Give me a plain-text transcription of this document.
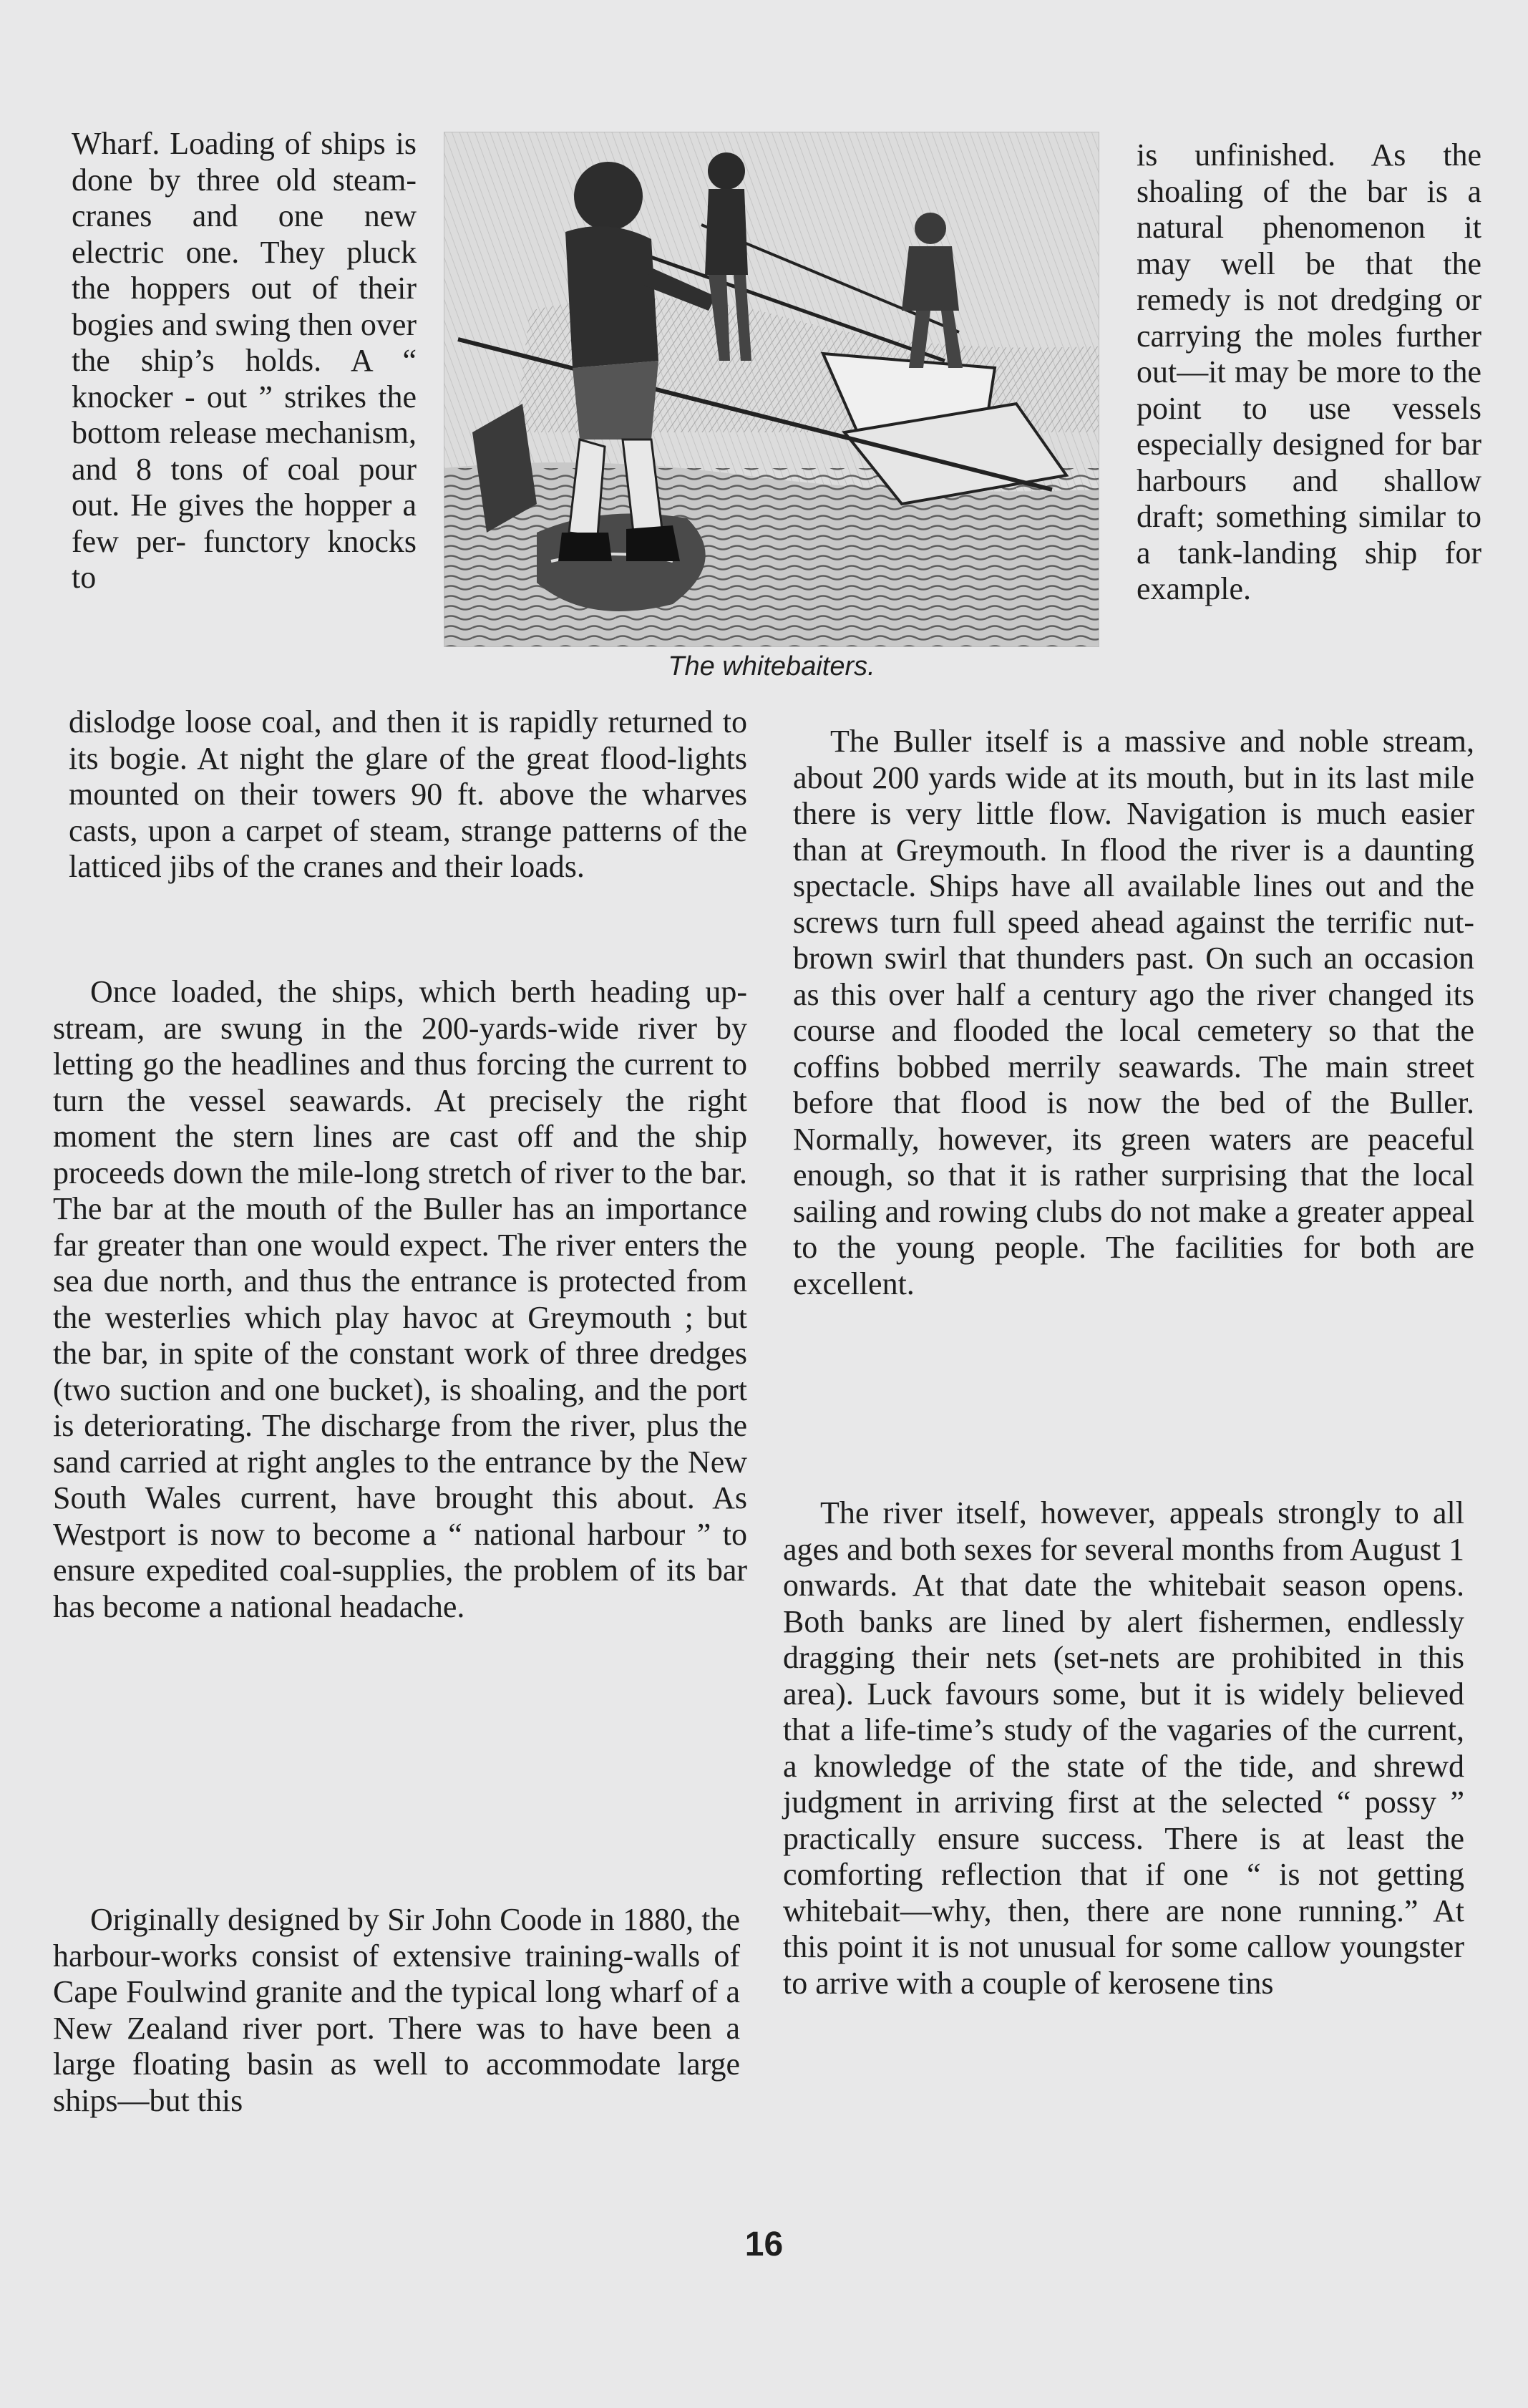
Wharf. Loading of ships is done by three old steam-cranes and one new electric one. They pluck the hoppers out of their bogies and swing then over the ship’s holds. A “ knocker - out ” strikes the bottom release mechanism, and 8 tons of coal pour out. He gives the hopper a few per- functory knocks to

The whitebaiters.

dislodge loose coal, and then it is rapidly returned to its bogie. At night the glare of the great flood-lights mounted on their towers 90 ft. above the wharves casts, upon a carpet of steam, strange patterns of the latticed jibs of the cranes and their loads.

Once loaded, the ships, which berth heading up-stream, are swung in the 200-yards-wide river by letting go the headlines and thus forcing the current to turn the vessel seawards. At precisely the right moment the stern lines are cast off and the ship proceeds down the mile-long stretch of river to the bar. The bar at the mouth of the Buller has an importance far greater than one would expect. The river enters the sea due north, and thus the entrance is protected from the westerlies which play havoc at Greymouth ; but the bar, in spite of the constant work of three dredges (two suction and one bucket), is shoaling, and the port is deteriorating. The discharge from the river, plus the sand carried at right angles to the entrance by the New South Wales current, have brought this about. As Westport is now to become a “ national harbour ” to ensure expedited coal-supplies, the problem of its bar has become a national headache.

Originally designed by Sir John Coode in 1880, the harbour-works consist of extensive training-walls of Cape Foulwind granite and the typical long wharf of a New Zealand river port. There was to have been a large floating basin as well to accommodate large ships—but this

is unfinished. As the shoaling of the bar is a natural phenomenon it may well be that the remedy is not dredging or carrying the moles further out—it may be more to the point to use vessels especially designed for bar harbours and shallow draft; something similar to a tank-landing ship for example.

The Buller itself is a massive and noble stream, about 200 yards wide at its mouth, but in its last mile there is very little flow. Navigation is much easier than at Greymouth. In flood the river is a daunting spectacle. Ships have all available lines out and the screws turn full speed ahead against the terrific nut-brown swirl that thunders past. On such an occasion as this over half a century ago the river changed its course and flooded the local cemetery so that the coffins bobbed merrily seawards. The main street before that flood is now the bed of the Buller. Normally, however, its green waters are peaceful enough, so that it is rather surprising that the local sailing and rowing clubs do not make a greater appeal to the young people. The facilities for both are excellent.

The river itself, however, appeals strongly to all ages and both sexes for several months from August 1 onwards. At that date the whitebait season opens. Both banks are lined by alert fishermen, endlessly dragging their nets (set-nets are prohibited in this area). Luck favours some, but it is widely believed that a life-time’s study of the vagaries of the current, a knowledge of the state of the tide, and shrewd judgment in arriving first at the selected “ possy ” practically ensure success. There is at least the comforting reflection that if one “ is not getting whitebait—why, then, there are none running.” At this point it is not unusual for some callow youngster to arrive with a couple of kerosene tins

16
